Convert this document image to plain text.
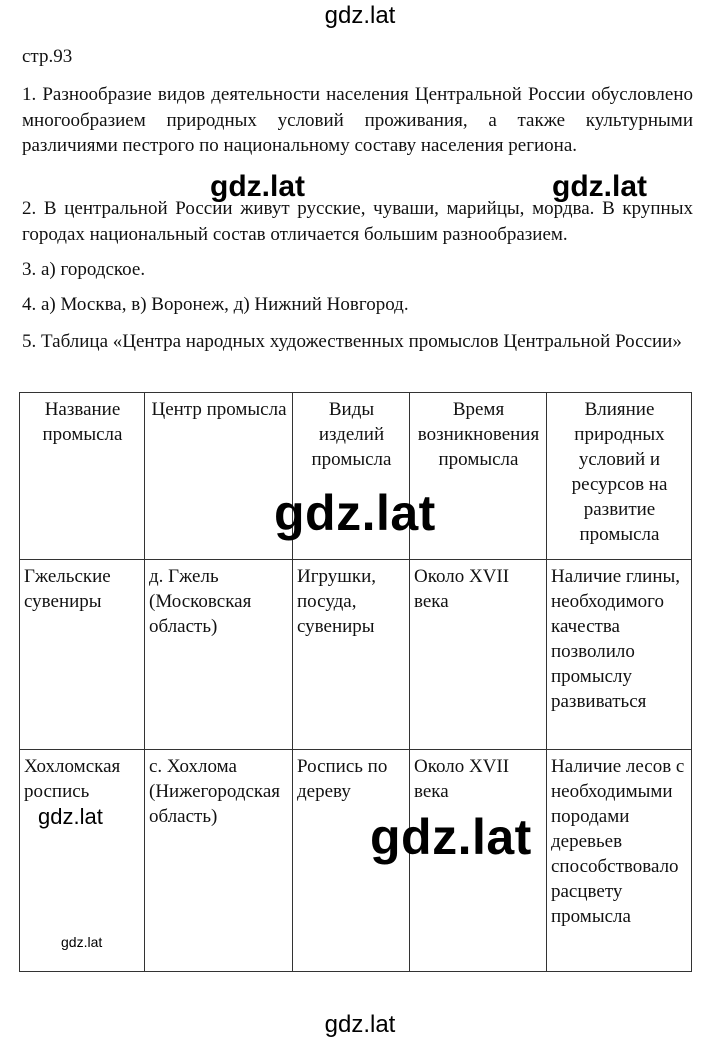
gdz.lat
стр.93
1. Разнообразие видов деятельности населения Центральной России обусловлено многообразием природных условий проживания, а также культурными различиями пестрого по национальному составу населения региона.
2. В центральной России живут русские, чуваши, марийцы, мордва. В крупных городах национальный состав отличается большим разнообразием.
3. а) городское.
4. а) Москва, в) Воронеж, д) Нижний Новгород.
5. Таблица «Центра народных художественных промыслов Центральной России»
gdz.lat	gdz.lat
Название промысла	Центр промысла	Виды изделий промысла	Время возникновения промысла	Влияние природных условий и ресурсов на развитие промысла
Гжельские сувениры	д. Гжель (Московская область)	Игрушки, посуда, сувениры	Около XVII века	Наличие глины, необходимого качества позволило промыслу развиваться
Хохломская роспись	с. Хохлома (Нижегородская область)	Роспись по дереву	Около XVII века	Наличие лесов с необходимыми породами деревьев способствовало расцвету промысла
gdz.lat
gdz.lat
gdz.lat
gdz.lat
gdz.lat
